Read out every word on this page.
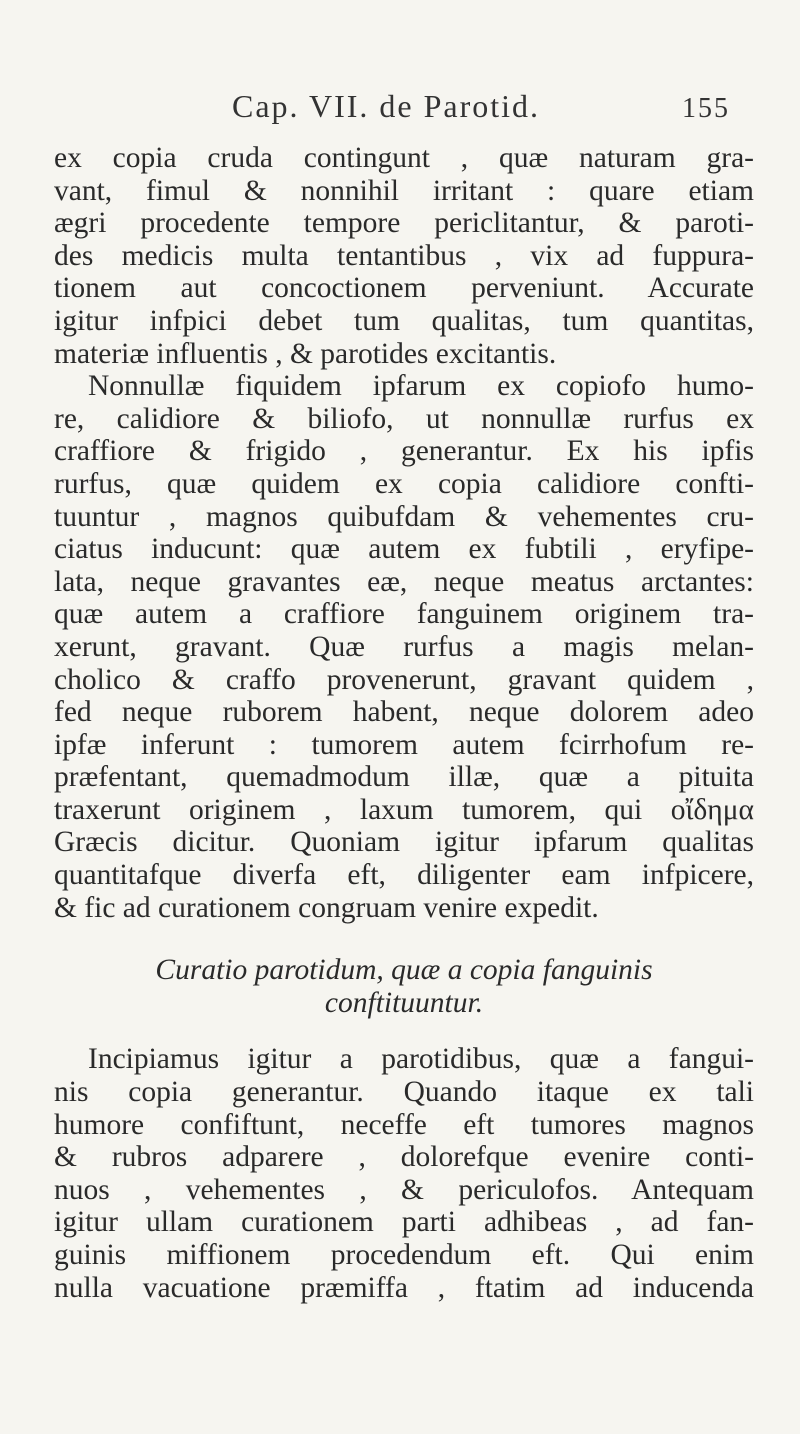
Cap. VII. de Parotid.	155
ex copia cruda contingunt , quæ naturam gra-
vant, fimul & nonnihil irritant : quare etiam
ægri procedente tempore periclitantur, & paroti-
des medicis multa tentantibus , vix ad fuppura-
tionem aut concoctionem perveniunt. Accurate
igitur infpici debet tum qualitas, tum quantitas,
materiæ influentis , & parotides excitantis.
Nonnullæ fiquidem ipfarum ex copiofo humo-
re, calidiore & biliofo, ut nonnullæ rurfus ex
craffiore & frigido , generantur. Ex his ipfis
rurfus, quæ quidem ex copia calidiore confti-
tuuntur , magnos quibufdam & vehementes cru-
ciatus inducunt: quæ autem ex fubtili , eryfipe-
lata, neque gravantes eæ, neque meatus arctantes:
quæ autem a craffiore fanguinem originem tra-
xerunt, gravant. Quæ rurfus a magis melan-
cholico & craffo provenerunt, gravant quidem ,
fed neque ruborem habent, neque dolorem adeo
ipfæ inferunt : tumorem autem fcirrhofum re-
præfentant, quemadmodum illæ, quæ a pituita
traxerunt originem , laxum tumorem, qui οἴδημα
Græcis dicitur. Quoniam igitur ipfarum qualitas
quantitafque diverfa eft, diligenter eam infpicere,
& fic ad curationem congruam venire expedit.
Curatio parotidum, quæ a copia fanguinis
conftituuntur.
Incipiamus igitur a parotidibus, quæ a fangui-
nis copia generantur. Quando itaque ex tali
humore confiftunt, neceffe eft tumores magnos
& rubros adparere , dolorefque evenire conti-
nuos , vehementes , & periculofos. Antequam
igitur ullam curationem parti adhibeas , ad fan-
guinis miffionem procedendum eft. Qui enim
nulla vacuatione præmiffa , ftatim ad inducenda
